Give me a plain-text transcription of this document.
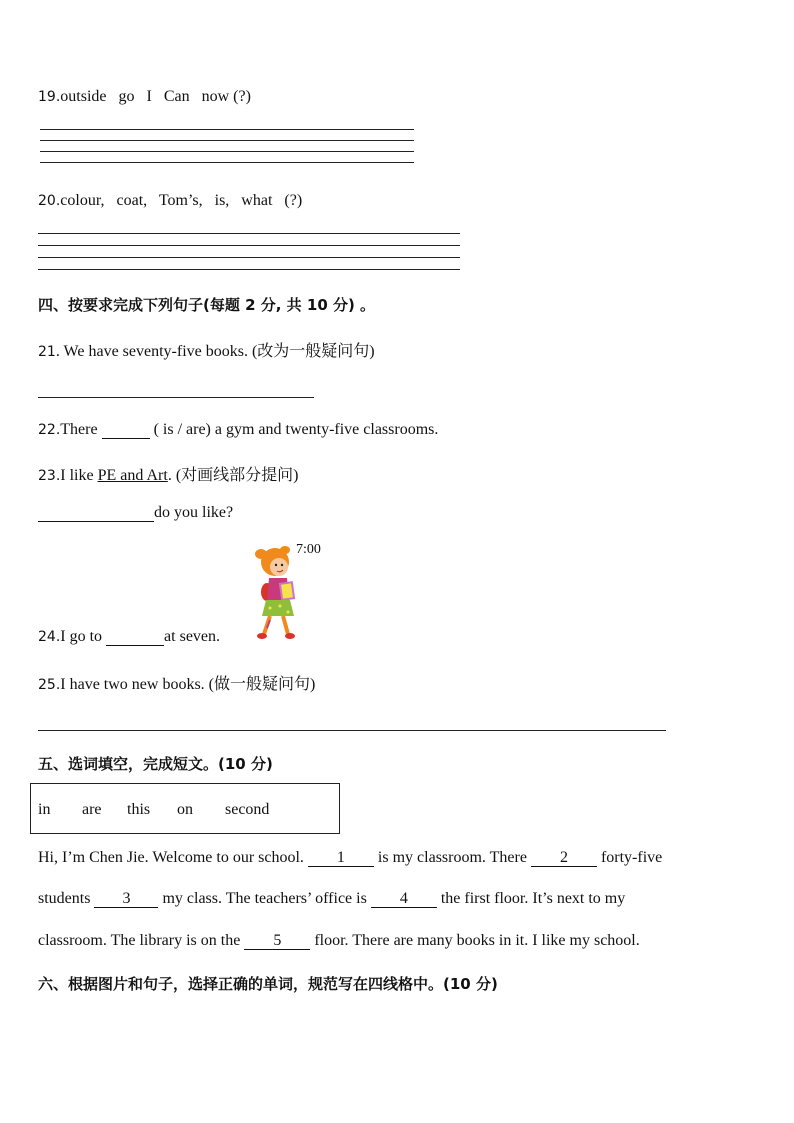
19.outside   go   I   Can   now (?)
20.colour,   coat,   Tom’s,   is,   what   (?)
四、按要求完成下列句子(每题 2 分, 共 10 分) 。
21. We have seventy-five books. (改为一般疑问句)
22.There	( is / are) a gym and twenty-five classrooms.
23.I like PE and Art. (对画线部分提问)
do you like?
7:00
24.I go to	at seven.
25.I have two new books. (做一般疑问句)
五、选词填空，完成短文。(10 分)
in are this on second
Hi, I’m Chen Jie. Welcome to our school. 1 is my classroom. There 2 forty-five
students 3 my class. The teachers’ office is 4 the first floor. It’s next to my
classroom. The library is on the 5 floor. There are many books in it. I like my school.
六、根据图片和句子，选择正确的单词，规范写在四线格中。(10 分)
